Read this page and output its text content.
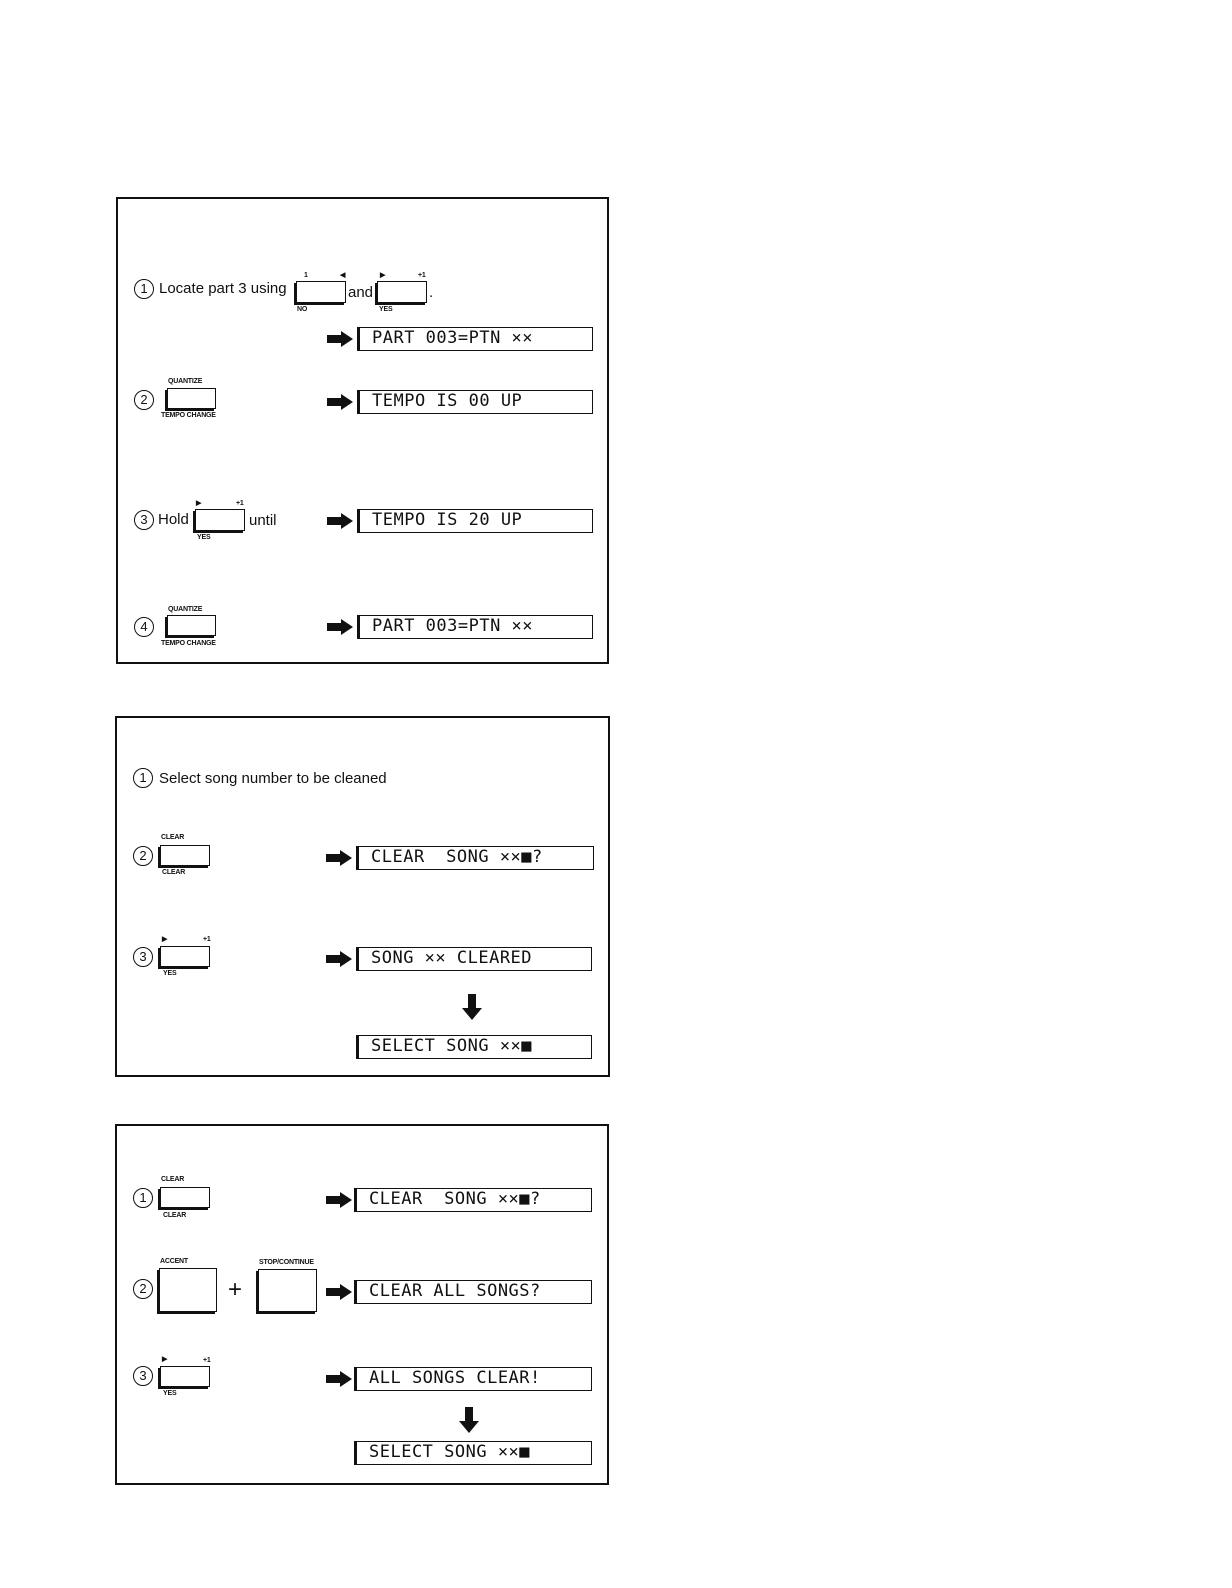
1 Locate part 3 using
1	◀
NO
and
▶	+1
YES
.
PART 003=PTN ××
QUANTIZE
2
TEMPO CHANGE
TEMPO IS 00 UP
3 Hold
▶	+1
YES
until	TEMPO IS 20 UP
QUANTIZE
4
TEMPO CHANGE
PART 003=PTN ××
1 Select song number to be cleaned
CLEAR
2
CLEAR
CLEAR  SONG ××■?
▶	+1
3
YES
SONG ×× CLEARED
SELECT SONG ××■
CLEAR
1
CLEAR
CLEAR  SONG ××■?
ACCENT	STOP/CONTINUE
2	+	CLEAR ALL SONGS?
▶	+1
3
YES
ALL SONGS CLEAR!
SELECT SONG ××■
